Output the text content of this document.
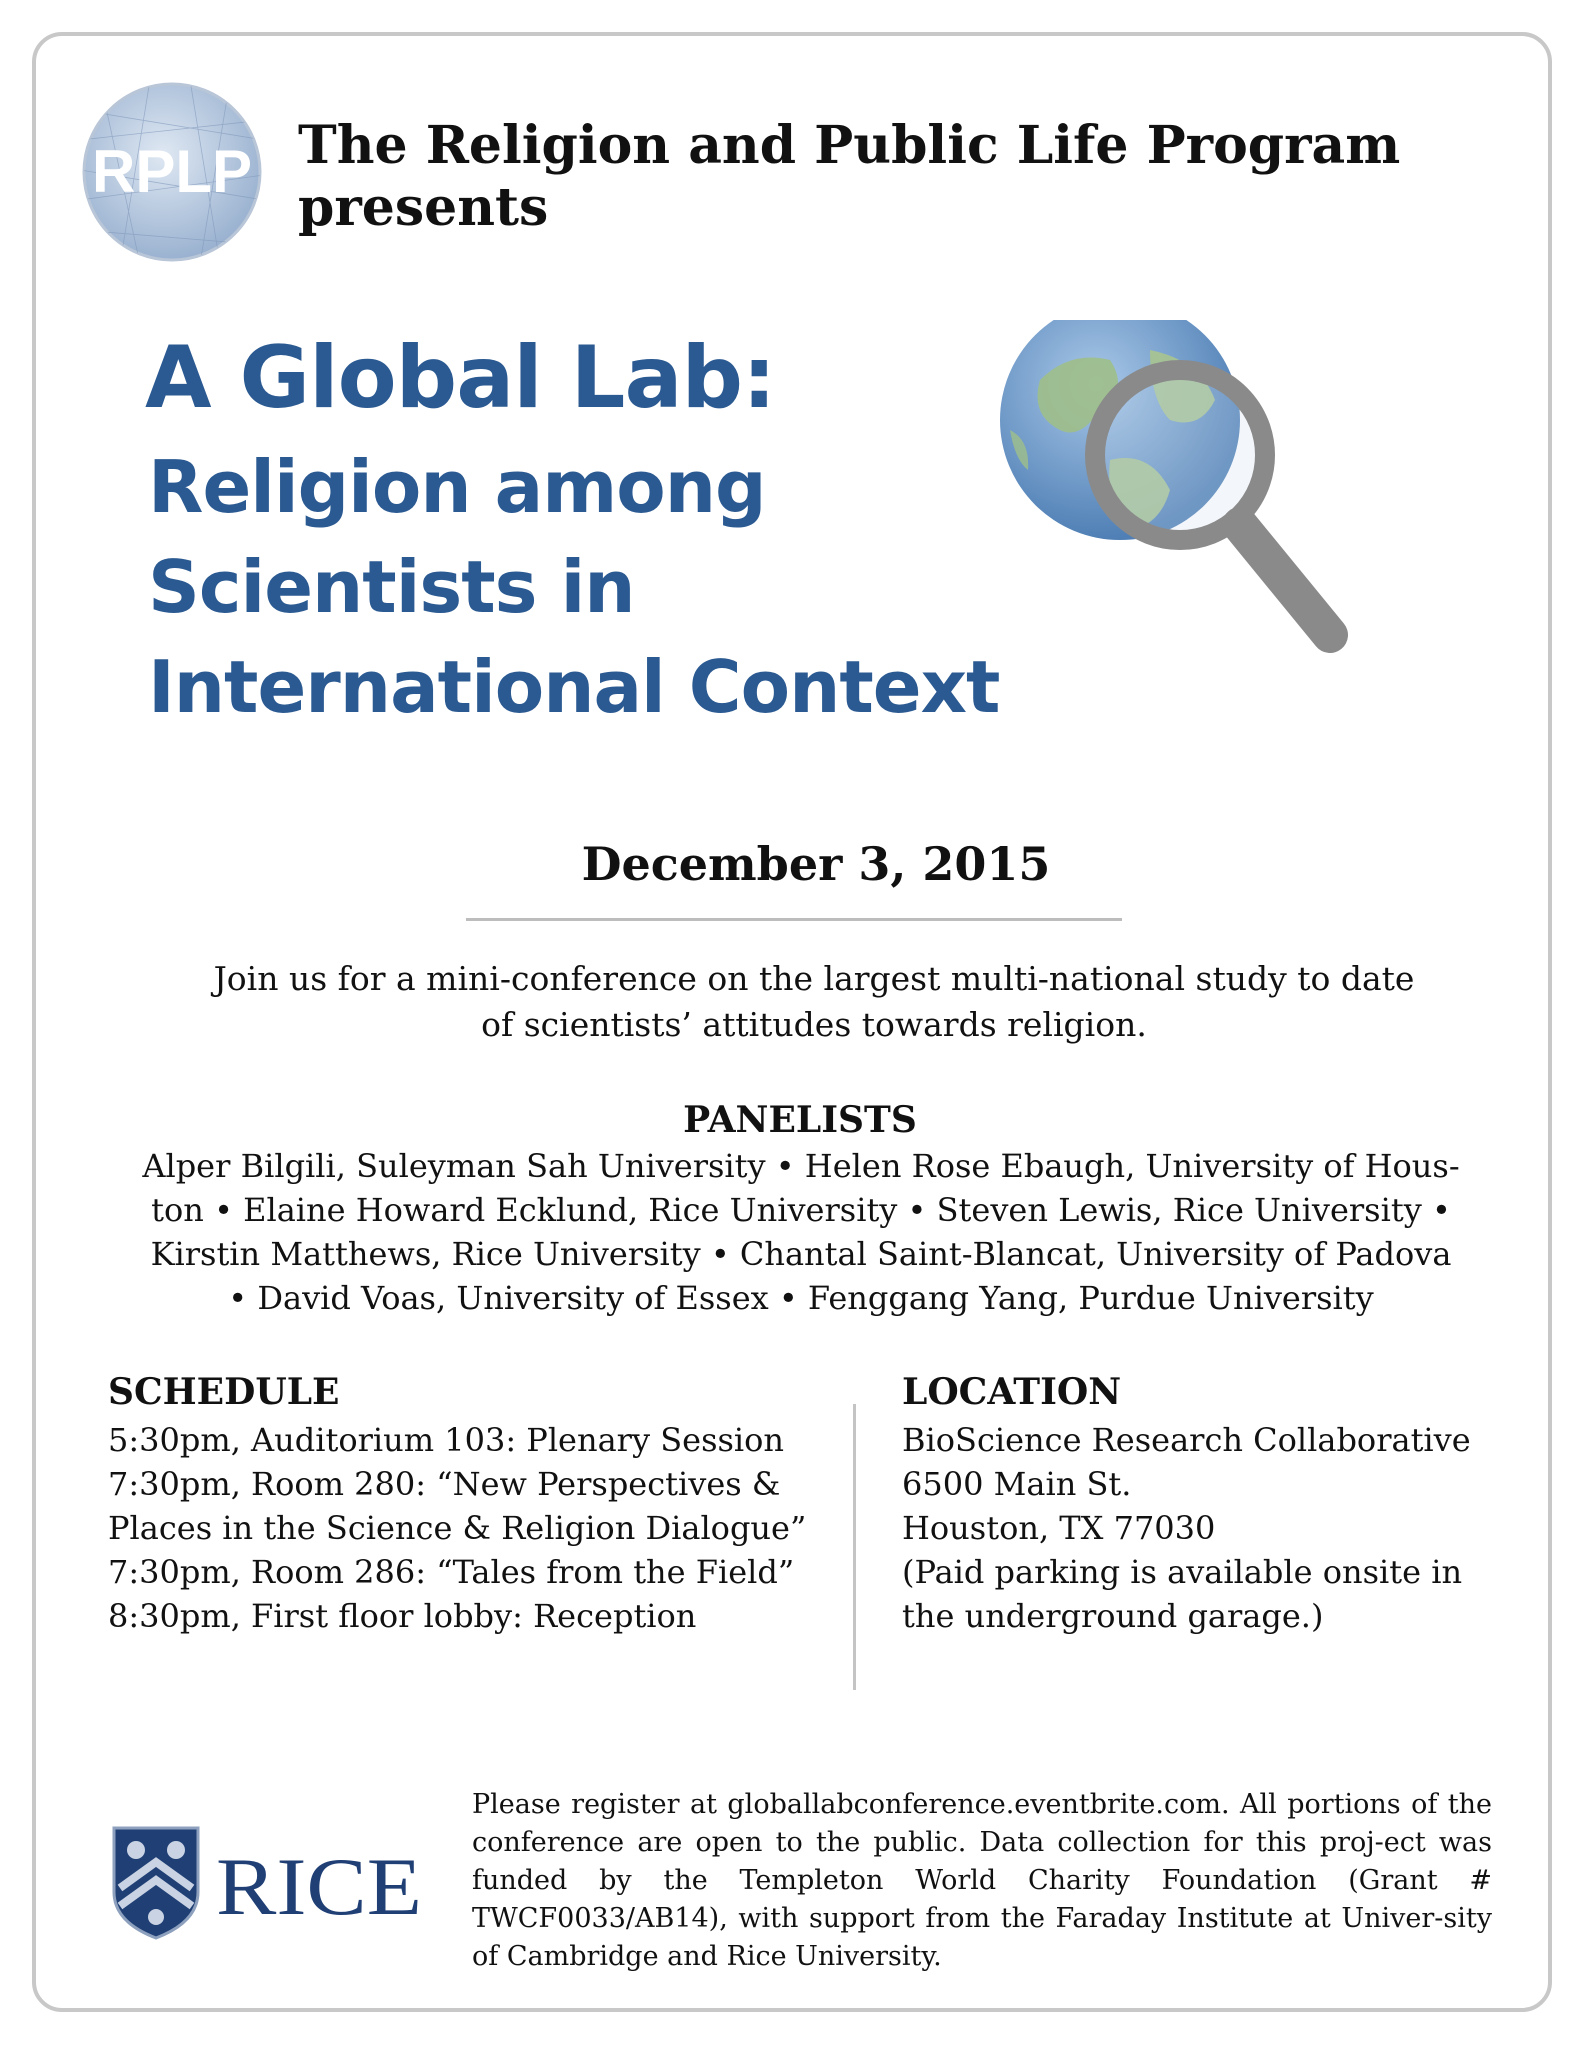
RPLP The Religion and Public Life Program
presents
A Global Lab:
Religion among
Scientists in
International Context
December 3, 2015
Join us for a mini-conference on the largest multi-national study to date
of scientists’ attitudes towards religion.
PANELISTS
Alper Bilgili, Suleyman Sah University • Helen Rose Ebaugh, University of Hous-
ton • Elaine Howard Ecklund, Rice University • Steven Lewis, Rice University •
Kirstin Matthews, Rice University • Chantal Saint-Blancat, University of Padova
• David Voas, University of Essex • Fenggang Yang, Purdue University
SCHEDULE
5:30pm, Auditorium 103: Plenary Session
7:30pm, Room 280: “New Perspectives &
Places in the Science & Religion Dialogue”
7:30pm, Room 286: “Tales from the Field”
8:30pm, First floor lobby: Reception
LOCATION
BioScience Research Collaborative
6500 Main St.
Houston, TX 77030
(Paid parking is available onsite in
the underground garage.)
RICE
Please register at globallabconference.eventbrite.com. All portions of the conference are open to the public. Data collection for this proj-ect was funded by the Templeton World Charity Foundation (Grant # TWCF0033/AB14), with support from the Faraday Institute at Univer-sity of Cambridge and Rice University.
